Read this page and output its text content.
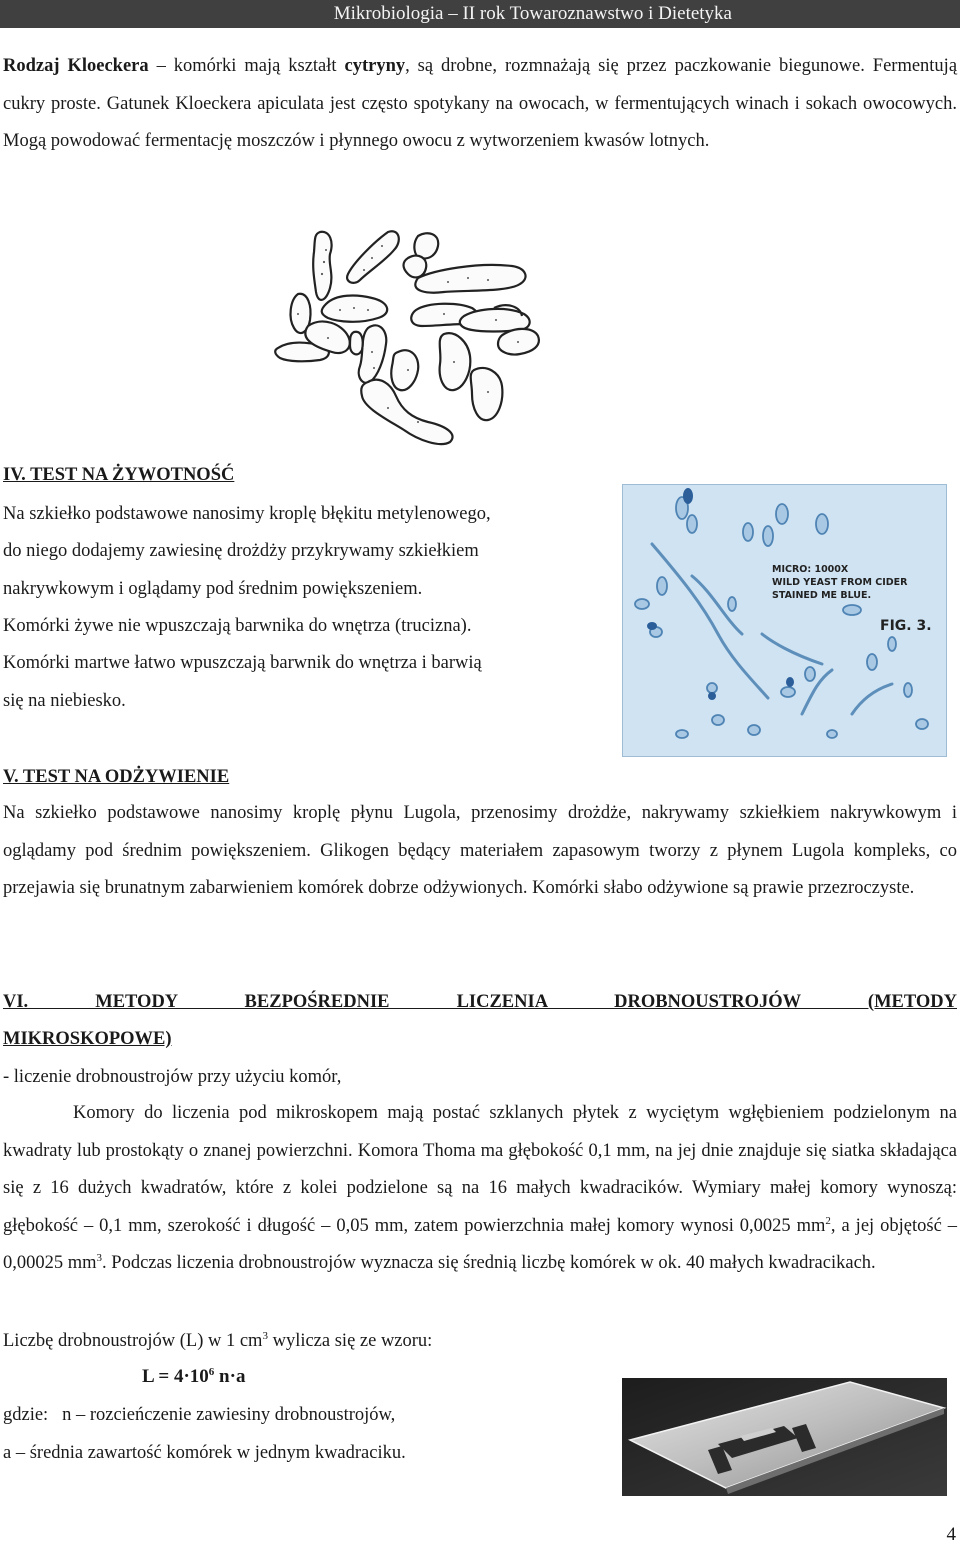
Mikrobiologia – II rok Towaroznawstwo i Dietetyka

Rodzaj Kloeckera – komórki mają kształt cytryny, są drobne, rozmnażają się przez paczkowanie biegunowe. Fermentują cukry proste. Gatunek Kloeckera apiculata jest często spotykany na owocach, w fermentujących winach i sokach owocowych. Mogą powodować fermentację moszczów i płynnego owocu z wytworzeniem kwasów lotnych.

IV. TEST NA ŻYWOTNOŚĆ
Na szkiełko podstawowe nanosimy kroplę błękitu metylenowego,
do niego dodajemy zawiesinę drożdży przykrywamy szkiełkiem
nakrywkowym i oglądamy pod średnim powiększeniem.
Komórki żywe nie wpuszczają barwnika do wnętrza (trucizna).
Komórki martwe łatwo wpuszczają barwnik do wnętrza i barwią
się na niebiesko.
MICRO: 1000X
WILD YEAST FROM CIDER
STAINED ME BLUE.
FIG. 3.
V. TEST NA ODŻYWIENIE

Na szkiełko podstawowe nanosimy kroplę płynu Lugola, przenosimy drożdże, nakrywamy szkiełkiem nakrywkowym i oglądamy pod średnim powiększeniem. Glikogen będący materiałem zapasowym tworzy z płynem Lugola kompleks, co przejawia się brunatnym zabarwieniem komórek dobrze odżywionych. Komórki słabo odżywione są prawie przezroczyste.

VI. METODY BEZPOŚREDNIE LICZENIA DROBNOUSTROJÓW (METODY
MIKROSKOPOWE)
- liczenie drobnoustrojów przy użyciu komór,

Komory do liczenia pod mikroskopem mają postać szklanych płytek z wyciętym wgłębieniem podzielonym na kwadraty lub prostokąty o znanej powierzchni. Komora Thoma ma głębokość 0,1 mm, na jej dnie znajduje się siatka składająca się z 16 dużych kwadratów, które z kolei podzielone są na 16 małych kwadracików. Wymiary małej komory wynoszą: głębokość – 0,1 mm, szerokość i długość – 0,05 mm, zatem powierzchnia małej komory wynosi 0,0025 $mm^2$, a jej objętość – 0,00025 $mm^3$. Podczas liczenia drobnoustrojów wyznacza się średnią liczbę komórek w ok. 40 małych kwadracikach.

Liczbę drobnoustrojów (L) w 1 $cm^3$ wylicza się ze wzoru:
$L = 4\cdot 10^6$ n·a
gdzie:   n – rozcieńczenie zawiesiny drobnoustrojów,
a – średnia zawartość komórek w jednym kwadraciku.
4
